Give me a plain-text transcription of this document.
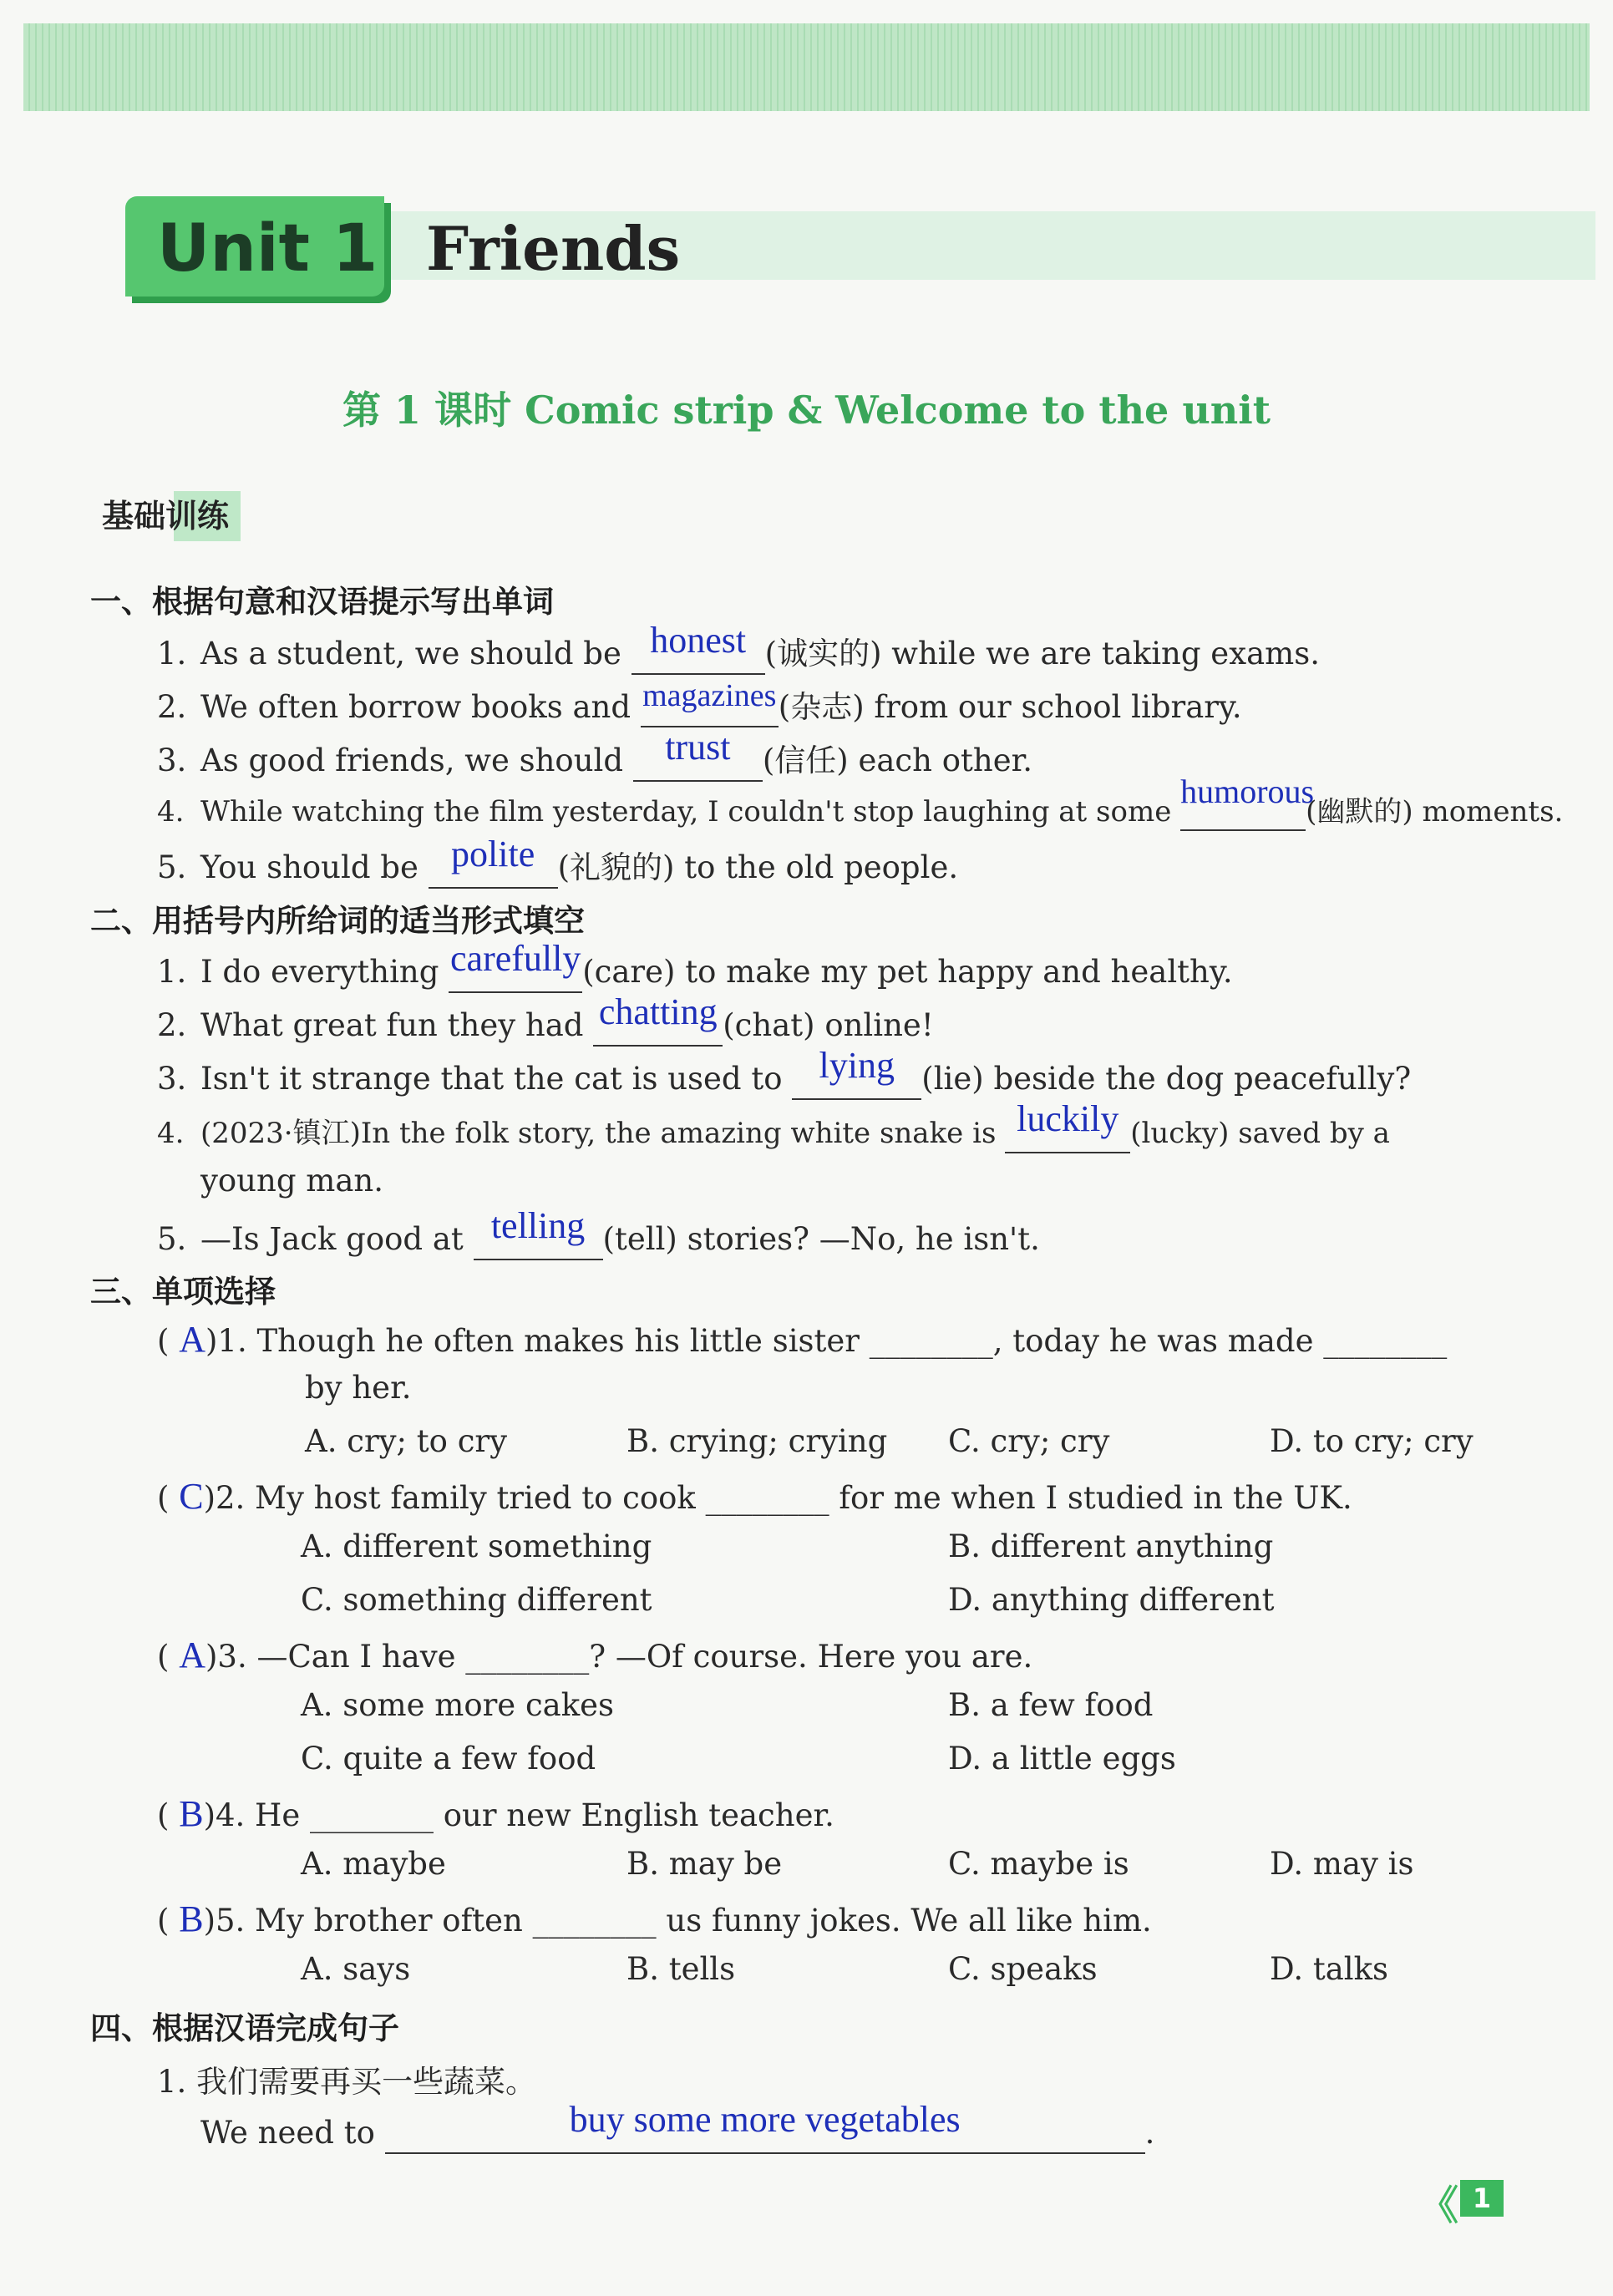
Unit 1 Friends
第 1 课时 Comic strip & Welcome to the unit
基础训练
一、根据句意和汉语提示写出单词
1. As a student, we should be honest (诚实的) while we are taking exams.
2. We often borrow books and magazines(杂志) from our school library.
3. As good friends, we should trust (信任) each other.
4. While watching the film yesterday, I couldn't stop laughing at some humorous(幽默的) moments.
5. You should be polite (礼貌的) to the old people.
二、用括号内所给词的适当形式填空
1. I do everything carefully(care) to make my pet happy and healthy.
2. What great fun they had chatting (chat) online!
3. Isn't it strange that the cat is used to lying (lie) beside the dog peacefully?
4. (2023·镇江)In the folk story, the amazing white snake is luckily (lucky) saved by a
young man.
5. —Is Jack good at telling (tell) stories? —No, he isn't.
三、单项选择
( A)1. Though he often makes his little sister ________, today he was made ________
by her.
A. cry; to cry	B. crying; crying C. cry; cry	D. to cry; cry
( C)2. My host family tried to cook ________ for me when I studied in the UK.
A. different something	B. different anything
C. something different	D. anything different
( A)3. —Can I have ________? —Of course. Here you are.
A. some more cakes	B. a few food
C. quite a few food	D. a little eggs
( B)4. He ________ our new English teacher.
A. maybe	B. may be	C. maybe is	D. may is
( B)5. My brother often ________ us funny jokes. We all like him.
A. says	B. tells	C. speaks	D. talks
四、根据汉语完成句子
1. 我们需要再买一些蔬菜。
We need to	buy some more vegetables	.
《 1
